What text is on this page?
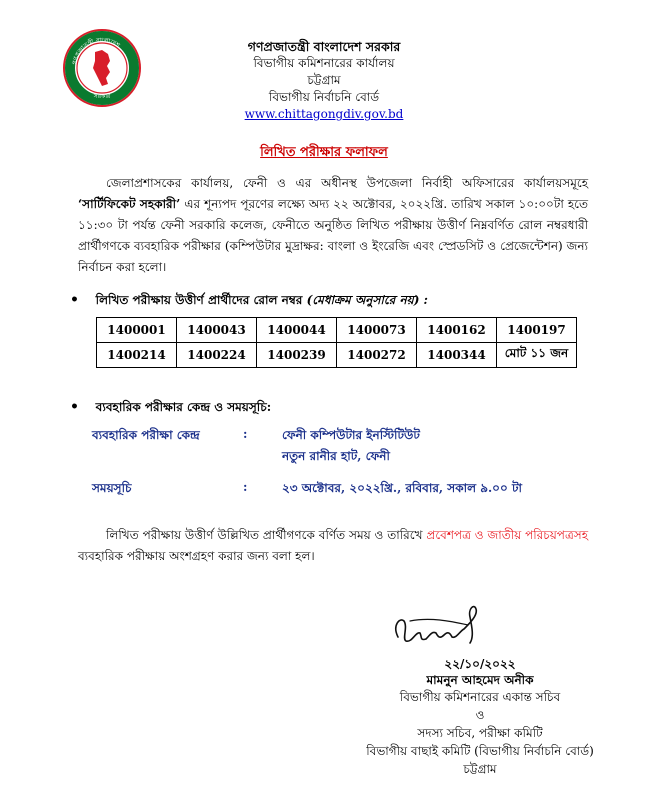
গণপ্রজাতন্ত্রী বাংলাদেশ
সরকার
গণপ্রজাতন্ত্রী বাংলাদেশ সরকার
বিভাগীয় কমিশনারের কার্যালয়
চট্টগ্রাম
বিভাগীয় নির্বাচনি বোর্ড
www.chittagongdiv.gov.bd
লিখিত পরীক্ষার ফলাফল
জেলাপ্রশাসকের কার্যালয়, ফেনী ও এর অধীনস্থ উপজেলা নির্বাহী অফিসারের কার্যালয়সমূহে ‘সার্টিফিকেট সহকারী’ এর শূন্যপদ পূরণের লক্ষ্যে অদ্য ২২ অক্টোবর, ২০২২খ্রি. তারিখ সকাল ১০:০০টা হতে ১১:৩০ টা পর্যন্ত ফেনী সরকারি কলেজ, ফেনীতে অনুষ্ঠিত লিখিত পরীক্ষায় উত্তীর্ণ নিম্নবর্ণিত রোল নম্বরধারী প্রার্থীগণকে ব্যবহারিক পরীক্ষার (কম্পিউটার মুদ্রাক্ষর: বাংলা ও ইংরেজি এবং স্প্রেডসিট ও প্রেজেন্টেশন) জন্য নির্বাচন করা হলো।
• লিখিত পরীক্ষায় উত্তীর্ণ প্রার্থীদের রোল নম্বর (মেধাক্রম অনুসারে নয়) :
1400001	1400043	1400044	1400073	1400162	1400197
1400214	1400224	1400239	1400272	1400344	মোট ১১ জন
• ব্যবহারিক পরীক্ষার কেন্দ্র ও সময়সূচি:
ব্যবহারিক পরীক্ষা কেন্দ্র	:	ফেনী কম্পিউটার ইনস্টিটিউট
নতুন রানীর হাট, ফেনী
সময়সূচি	:	২৩ অক্টোবর, ২০২২খ্রি., রবিবার, সকাল ৯.০০ টা
লিখিত পরীক্ষায় উত্তীর্ণ উল্লিখিত প্রার্থীগণকে বর্ণিত সময় ও তারিখে প্রবেশপত্র ও জাতীয় পরিচয়পত্রসহ ব্যবহারিক পরীক্ষায় অংশগ্রহণ করার জন্য বলা হল।
২২/১০/২০২২
মামনুন আহমেদ অনীক
বিভাগীয় কমিশনারের একান্ত সচিব
ও
সদস্য সচিব, পরীক্ষা কমিটি
বিভাগীয় বাছাই কমিটি (বিভাগীয় নির্বাচনি বোর্ড)
চট্টগ্রাম
